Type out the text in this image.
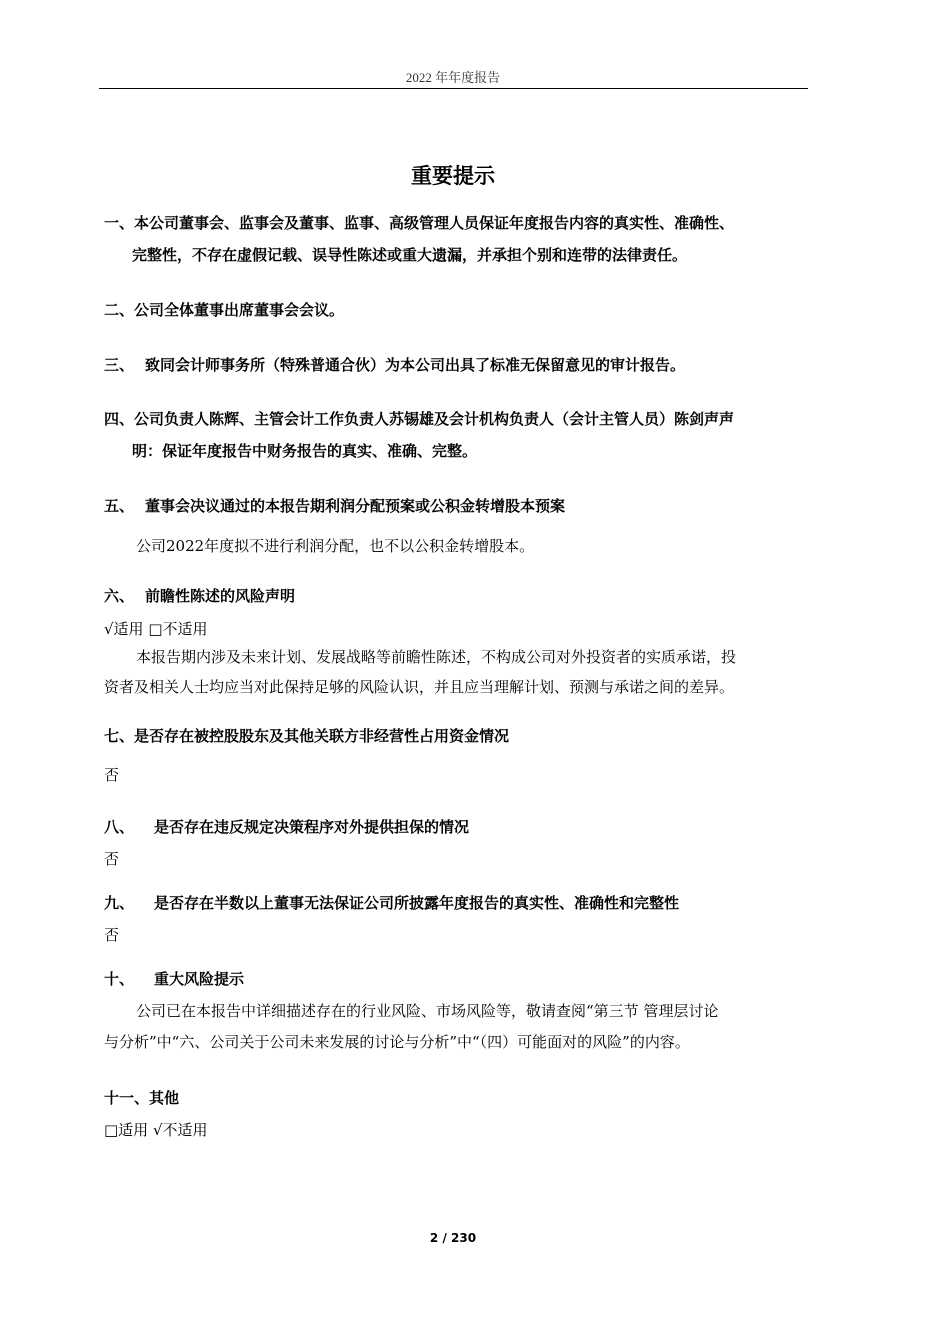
2022 年年度报告
重要提示
一、本公司董事会、监事会及董事、监事、高级管理人员保证年度报告内容的真实性、准确性、
完整性，不存在虚假记载、误导性陈述或重大遗漏，并承担个别和连带的法律责任。
二、公司全体董事出席董事会会议。
三、 致同会计师事务所（特殊普通合伙）为本公司出具了标准无保留意见的审计报告。
四、公司负责人陈辉、主管会计工作负责人苏锡雄及会计机构负责人（会计主管人员）陈剑声声
明：保证年度报告中财务报告的真实、准确、完整。
五、 董事会决议通过的本报告期利润分配预案或公积金转增股本预案
公司2022年度拟不进行利润分配，也不以公积金转增股本。
六、 前瞻性陈述的风险声明
√适用 □不适用
本报告期内涉及未来计划、发展战略等前瞻性陈述，不构成公司对外投资者的实质承诺，投
资者及相关人士均应当对此保持足够的风险认识，并且应当理解计划、预测与承诺之间的差异。
七、是否存在被控股股东及其他关联方非经营性占用资金情况
否
八、 是否存在违反规定决策程序对外提供担保的情况
否
九、 是否存在半数以上董事无法保证公司所披露年度报告的真实性、准确性和完整性
否
十、 重大风险提示
公司已在本报告中详细描述存在的行业风险、市场风险等，敬请查阅“第三节 管理层讨论
与分析”中“六、公司关于公司未来发展的讨论与分析”中“（四）可能面对的风险”的内容。
十一、其他
□适用 √不适用
2 / 230
